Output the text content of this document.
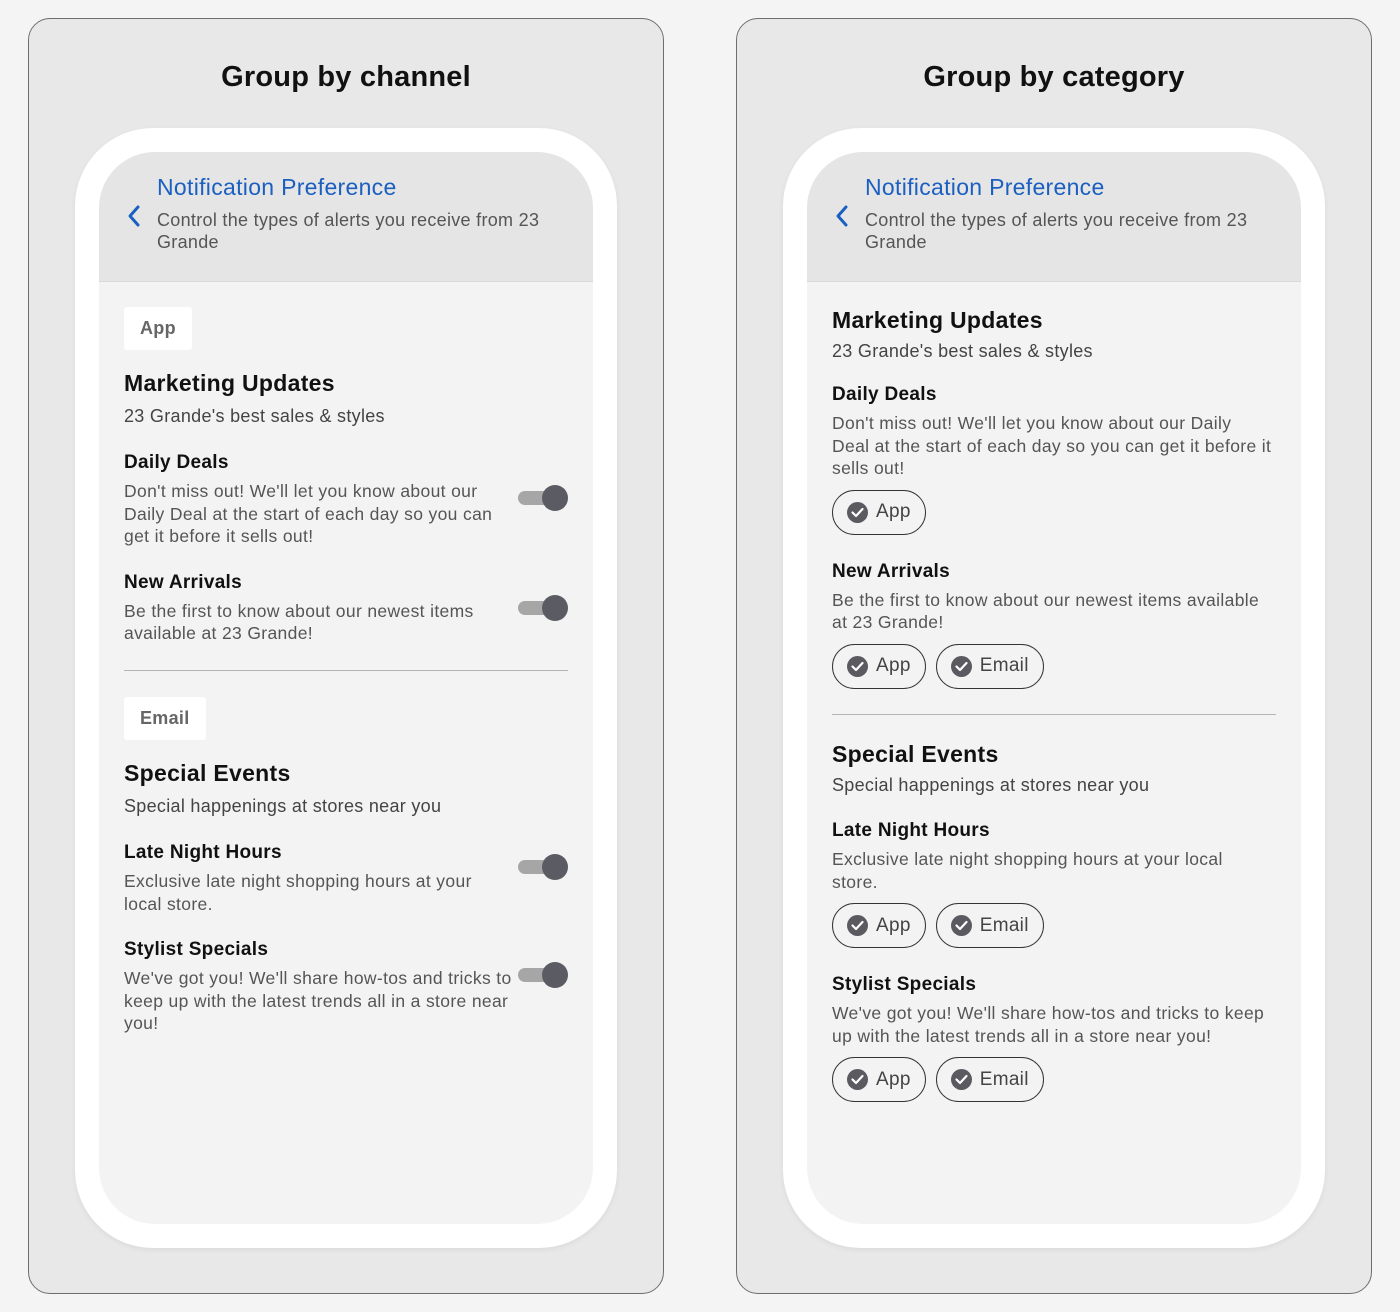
Group by channel
Notification Preference
Control the types of alerts you receive from 23 Grande
App
Marketing Updates
23 Grande's best sales & styles
Daily Deals
Don't miss out! We'll let you know about our Daily Deal at the start of each day so you can get it before it sells out!
New Arrivals
Be the first to know about our newest items available at 23 Grande!
Email
Special Events
Special happenings at stores near you
Late Night Hours
Exclusive late night shopping hours at your local store.
Stylist Specials
We've got you! We'll share how-tos and tricks to keep up with the latest trends all in a store near you!
Group by category
Notification Preference
Control the types of alerts you receive from 23 Grande
Marketing Updates
23 Grande's best sales & styles
Daily Deals
Don't miss out! We'll let you know about our Daily Deal at the start of each day so you can get it before it sells out!
App
New Arrivals
Be the first to know about our newest items available at 23 Grande!
App	Email
Special Events
Special happenings at stores near you
Late Night Hours
Exclusive late night shopping hours at your local store.
App	Email
Stylist Specials
We've got you! We'll share how-tos and tricks to keep up with the latest trends all in a store near you!
App	Email
